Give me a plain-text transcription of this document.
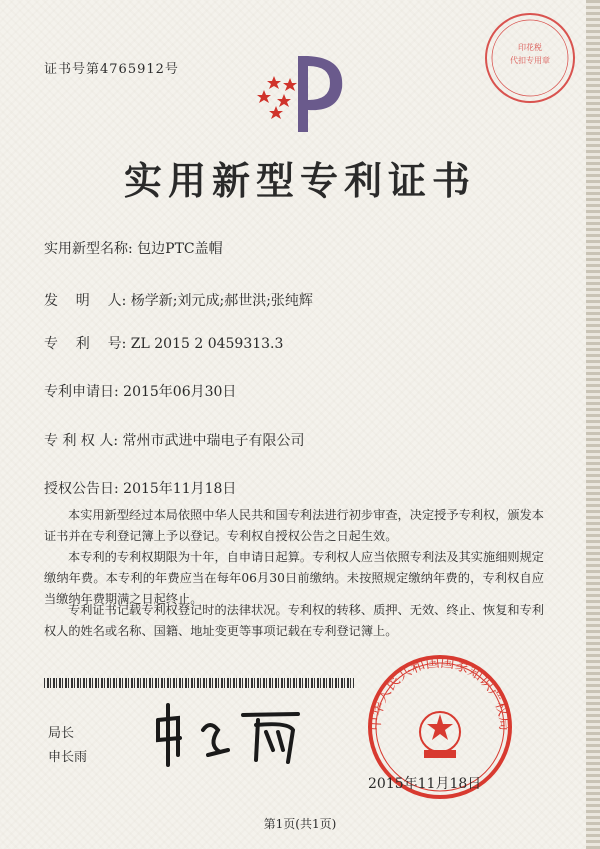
证书号第4765912号
印花税
代扣专用章
实用新型专利证书
实用新型名称: 包边PTC盖帽
发    明    人: 杨学新;刘元成;郝世洪;张纯辉
专    利    号: ZL 2015 2 0459313.3
专利申请日: 2015年06月30日
专 利 权 人: 常州市武进中瑞电子有限公司
授权公告日: 2015年11月18日
本实用新型经过本局依照中华人民共和国专利法进行初步审查，决定授予专利权，颁发本证书并在专利登记簿上予以登记。专利权自授权公告之日起生效。
本专利的专利权期限为十年，自申请日起算。专利权人应当依照专利法及其实施细则规定缴纳年费。本专利的年费应当在每年06月30日前缴纳。未按照规定缴纳年费的，专利权自应当缴纳年费期满之日起终止。
专利证书记载专利权登记时的法律状况。专利权的转移、质押、无效、终止、恢复和专利权人的姓名或名称、国籍、地址变更等事项记载在专利登记簿上。
局长
申长雨
中华人民共和国国家知识产权局
2015年11月18日
第1页(共1页)
